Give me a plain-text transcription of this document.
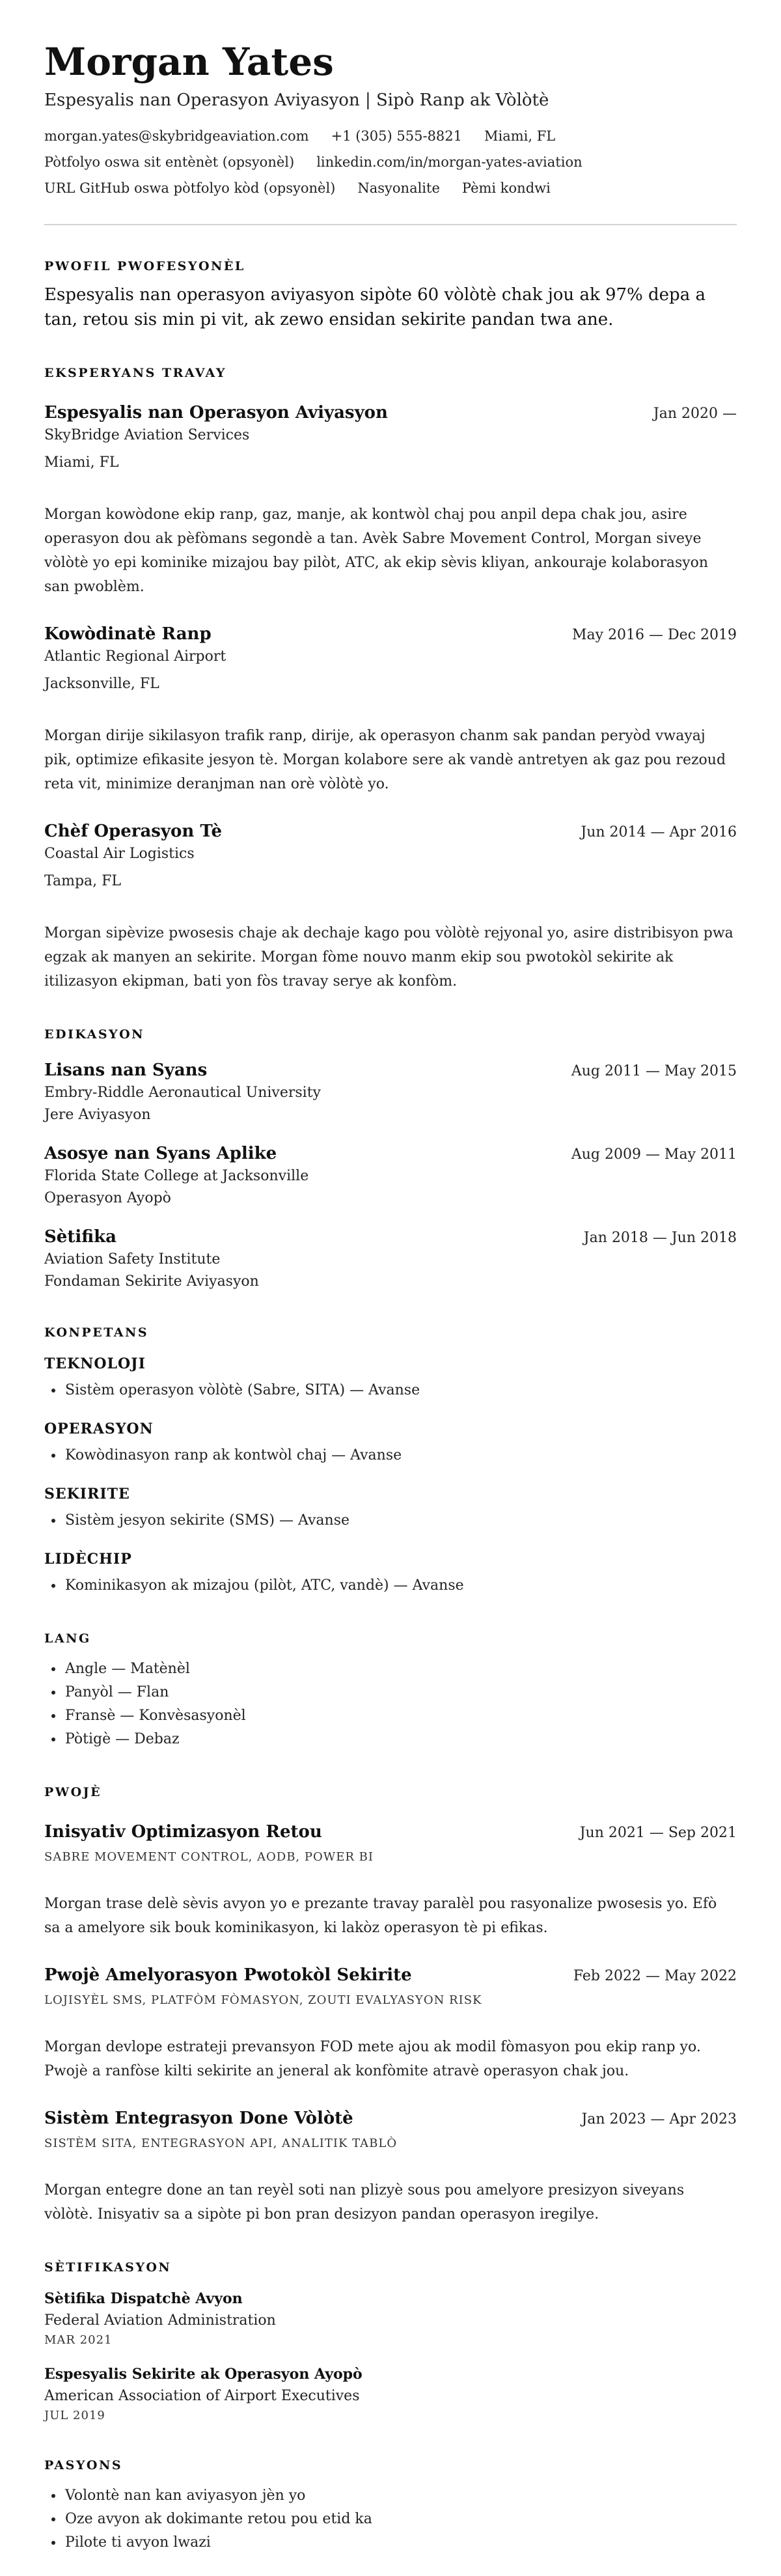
Morgan Yates
Espesyalis nan Operasyon Aviyasyon | Sipò Ranp ak Vòlòtè
morgan.yates@skybridgeaviation.com +1 (305) 555-8821 Miami, FL
Pòtfolyo oswa sit entènèt (opsyonèl) linkedin.com/in/morgan-yates-aviation
URL GitHub oswa pòtfolyo kòd (opsyonèl) Nasyonalite Pèmi kondwi
PWOFIL PWOFESYONÈL
Espesyalis nan operasyon aviyasyon sipòte 60 vòlòtè chak jou ak 97% depa a tan, retou sis min pi vit, ak zewo ensidan sekirite pandan twa ane.
EKSPERYANS TRAVAY
Espesyalis nan Operasyon Aviyasyon	Jan 2020 —
SkyBridge Aviation Services
Miami, FL
Morgan kowòdone ekip ranp, gaz, manje, ak kontwòl chaj pou anpil depa chak jou, asire operasyon dou ak pèfòmans segondè a tan. Avèk Sabre Movement Control, Morgan siveye vòlòtè yo epi kominike mizajou bay pilòt, ATC, ak ekip sèvis kliyan, ankouraje kolaborasyon san pwoblèm.
Kowòdinatè Ranp	May 2016 — Dec 2019
Atlantic Regional Airport
Jacksonville, FL
Morgan dirije sikilasyon trafik ranp, dirije, ak operasyon chanm sak pandan peryòd vwayaj pik, optimize efikasite jesyon tè. Morgan kolabore sere ak vandè antretyen ak gaz pou rezoud reta vit, minimize deranjman nan orè vòlòtè yo.
Chèf Operasyon Tè	Jun 2014 — Apr 2016
Coastal Air Logistics
Tampa, FL
Morgan sipèvize pwosesis chaje ak dechaje kago pou vòlòtè rejyonal yo, asire distribisyon pwa egzak ak manyen an sekirite. Morgan fòme nouvo manm ekip sou pwotokòl sekirite ak itilizasyon ekipman, bati yon fòs travay serye ak konfòm.
EDIKASYON
Lisans nan Syans	Aug 2011 — May 2015
Embry-Riddle Aeronautical University
Jere Aviyasyon
Asosye nan Syans Aplike	Aug 2009 — May 2011
Florida State College at Jacksonville
Operasyon Ayopò
Sètifika	Jan 2018 — Jun 2018
Aviation Safety Institute
Fondaman Sekirite Aviyasyon
KONPETANS
TEKNOLOJI
• Sistèm operasyon vòlòtè (Sabre, SITA) — Avanse
OPERASYON
• Kowòdinasyon ranp ak kontwòl chaj — Avanse
SEKIRITE
• Sistèm jesyon sekirite (SMS) — Avanse
LIDÈCHIP
• Kominikasyon ak mizajou (pilòt, ATC, vandè) — Avanse
LANG
• Angle — Matènèl
• Panyòl — Flan
• Fransè — Konvèsasyonèl
• Pòtigè — Debaz
PWOJÈ
Inisyativ Optimizasyon Retou	Jun 2021 — Sep 2021
SABRE MOVEMENT CONTROL, AODB, POWER BI
Morgan trase delè sèvis avyon yo e prezante travay paralèl pou rasyonalize pwosesis yo. Efò sa a amelyore sik bouk kominikasyon, ki lakòz operasyon tè pi efikas.
Pwojè Amelyorasyon Pwotokòl Sekirite	Feb 2022 — May 2022
LOJISYÈL SMS, PLATFÒM FÒMASYON, ZOUTI EVALYASYON RISK
Morgan devlope estrateji prevansyon FOD mete ajou ak modil fòmasyon pou ekip ranp yo. Pwojè a ranfòse kilti sekirite an jeneral ak konfòmite atravè operasyon chak jou.
Sistèm Entegrasyon Done Vòlòtè	Jan 2023 — Apr 2023
SISTÈM SITA, ENTEGRASYON API, ANALITIK TABLÒ
Morgan entegre done an tan reyèl soti nan plizyè sous pou amelyore presizyon siveyans vòlòtè. Inisyativ sa a sipòte pi bon pran desizyon pandan operasyon iregilye.
SÈTIFIKASYON
Sètifika Dispatchè Avyon
Federal Aviation Administration
MAR 2021
Espesyalis Sekirite ak Operasyon Ayopò
American Association of Airport Executives
JUL 2019
PASYONS
• Volontè nan kan aviyasyon jèn yo
• Oze avyon ak dokimante retou pou etid ka
• Pilote ti avyon lwazi
